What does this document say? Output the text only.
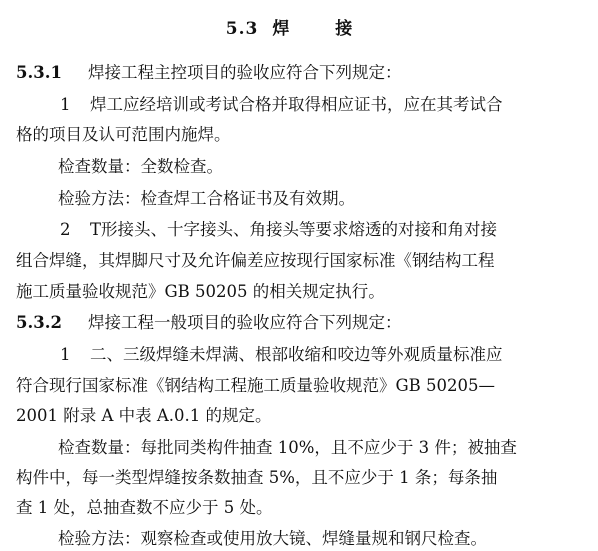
5.3 焊 接
5.3.1 焊接工程主控项目的验收应符合下列规定：
1 焊工应经培训或考试合格并取得相应证书，应在其考试合
格的项目及认可范围内施焊。
检查数量：全数检查。
检验方法：检查焊工合格证书及有效期。
2 T形接头、十字接头、角接头等要求熔透的对接和角对接
组合焊缝，其焊脚尺寸及允许偏差应按现行国家标准《钢结构工程
施工质量验收规范》GB 50205 的相关规定执行。
5.3.2 焊接工程一般项目的验收应符合下列规定：
1 二、三级焊缝未焊满、根部收缩和咬边等外观质量标准应
符合现行国家标准《钢结构工程施工质量验收规范》GB 50205—
2001 附录 A 中表 A.0.1 的规定。
检查数量：每批同类构件抽查 10%，且不应少于 3 件；被抽查
构件中，每一类型焊缝按条数抽查 5%，且不应少于 1 条；每条抽
查 1 处，总抽查数不应少于 5 处。
检验方法：观察检查或使用放大镜、焊缝量规和钢尺检查。
